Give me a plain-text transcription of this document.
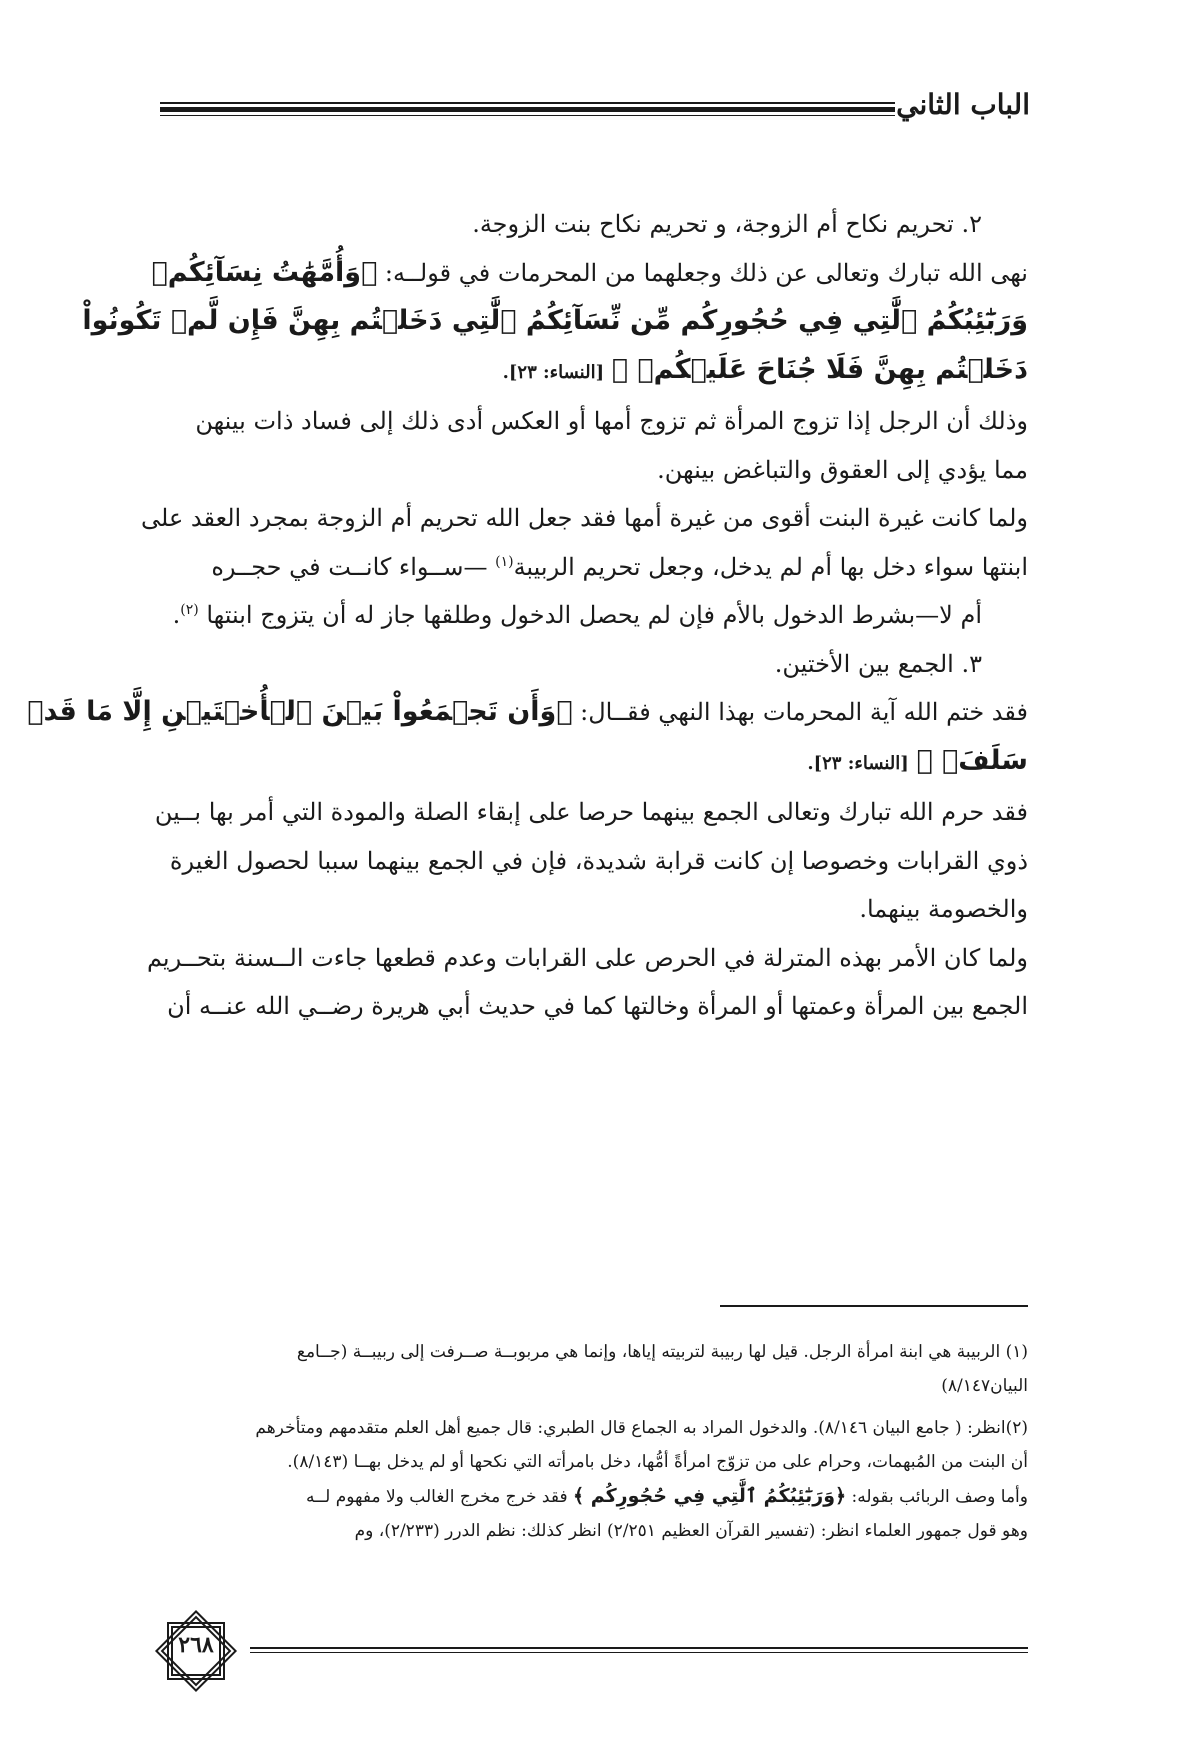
الباب الثاني
٢. تحريم نكاح أم الزوجة، و تحريم نكاح بنت الزوجة.
نهى الله تبارك وتعالى عن ذلك وجعلهما من المحرمات في قولــه: ﴿وَأُمَّهَٰتُ نِسَآئِكُمۡ
وَرَبَٰٓئِبُكُمُ ٱلَّٰتِي فِي حُجُورِكُم مِّن نِّسَآئِكُمُ ٱلَّٰتِي دَخَلۡتُم بِهِنَّ فَإِن لَّمۡ تَكُونُواْ
دَخَلۡتُم بِهِنَّ فَلَا جُنَاحَ عَلَيۡكُمۡ ﴾ [النساء: ٢٣].
وذلك أن الرجل إذا تزوج المرأة ثم تزوج أمها أو العكس أدى ذلك إلى فساد ذات بينهن
مما يؤدي إلى العقوق والتباغض بينهن.
ولما كانت غيرة البنت أقوى من غيرة أمها فقد جعل الله تحريم أم الزوجة بمجرد العقد على
ابنتها سواء دخل بها أم لم يدخل، وجعل تحريم الربيبة$^{(١)}$ —ســواء كانــت في حجــره
أم لا—بشرط الدخول بالأم فإن لم يحصل الدخول وطلقها جاز له أن يتزوج ابنتها $^{(٢)}$.
٣. الجمع بين الأختين.
فقد ختم الله آية المحرمات بهذا النهي فقــال: ﴿وَأَن تَجۡمَعُواْ بَيۡنَ ٱلۡأُخۡتَيۡنِ إِلَّا مَا قَدۡ
سَلَفَۗ ﴾ [النساء: ٢٣].
فقد حرم الله تبارك وتعالى الجمع بينهما حرصا على إبقاء الصلة والمودة التي أمر بها بــين
ذوي القرابات وخصوصا إن كانت قرابة شديدة، فإن في الجمع بينهما سببا لحصول الغيرة
والخصومة بينهما.
ولما كان الأمر بهذه المترلة في الحرص على القرابات وعدم قطعها جاءت الــسنة بتحــريم
الجمع بين المرأة وعمتها أو المرأة وخالتها كما في حديث أبي هريرة رضــي الله عنــه أن
(١) الربيبة هي ابنة امرأة الرجل. قيل لها ربيبة لتربيته إياها، وإنما هي مربوبــة صــرفت إلى ربيبــة (جــامع
البيان٨/١٤٧)
(٢)انظر: ( جامع البيان ٨/١٤٦). والدخول المراد به الجماع قال الطبري: قال جميع أهل العلم متقدمهم ومتأخرهم
أن البنت من المُبهمات، وحرام على من تزوّج امرأةً أمُّها، دخل بامرأته التي نكحها أو لم يدخل بهــا (٨/١٤٣).
وأما وصف الربائب بقوله: ﴿وَرَبَٰٓئِبُكُمُ ٱلَّٰتِي فِي حُجُورِكُم ﴾ فقد خرج مخرج الغالب ولا مفهوم لــه
وهو قول جمهور العلماء انظر: (تفسير القرآن العظيم ٢/٢٥١) انظر كذلك: نظم الدرر (٢/٢٣٣)، وم
٢٦٨
